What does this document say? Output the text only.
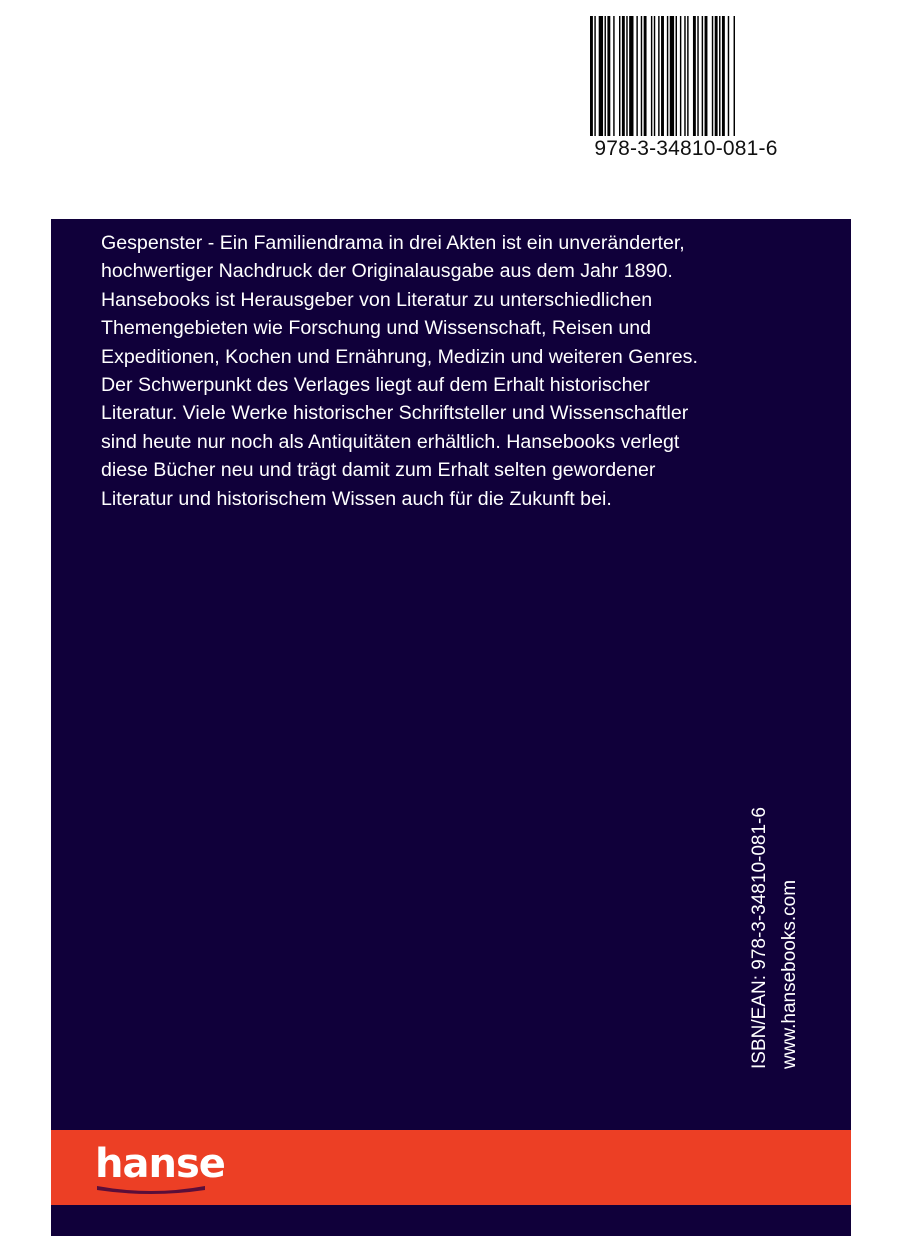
978-3-34810-081-6

Gespenster - Ein Familiendrama in drei Akten ist ein unveränderter,
hochwertiger Nachdruck der Originalausgabe aus dem Jahr 1890.
Hansebooks ist Herausgeber von Literatur zu unterschiedlichen
Themengebieten wie Forschung und Wissenschaft, Reisen und
Expeditionen, Kochen und Ernährung, Medizin und weiteren Genres.
Der Schwerpunkt des Verlages liegt auf dem Erhalt historischer
Literatur. Viele Werke historischer Schriftsteller und Wissenschaftler
sind heute nur noch als Antiquitäten erhältlich. Hansebooks verlegt
diese Bücher neu und trägt damit zum Erhalt selten gewordener
Literatur und historischem Wissen auch für die Zukunft bei.

ISBN/EAN: 978-3-34810-081-6 www.hansebooks.com
hanse
